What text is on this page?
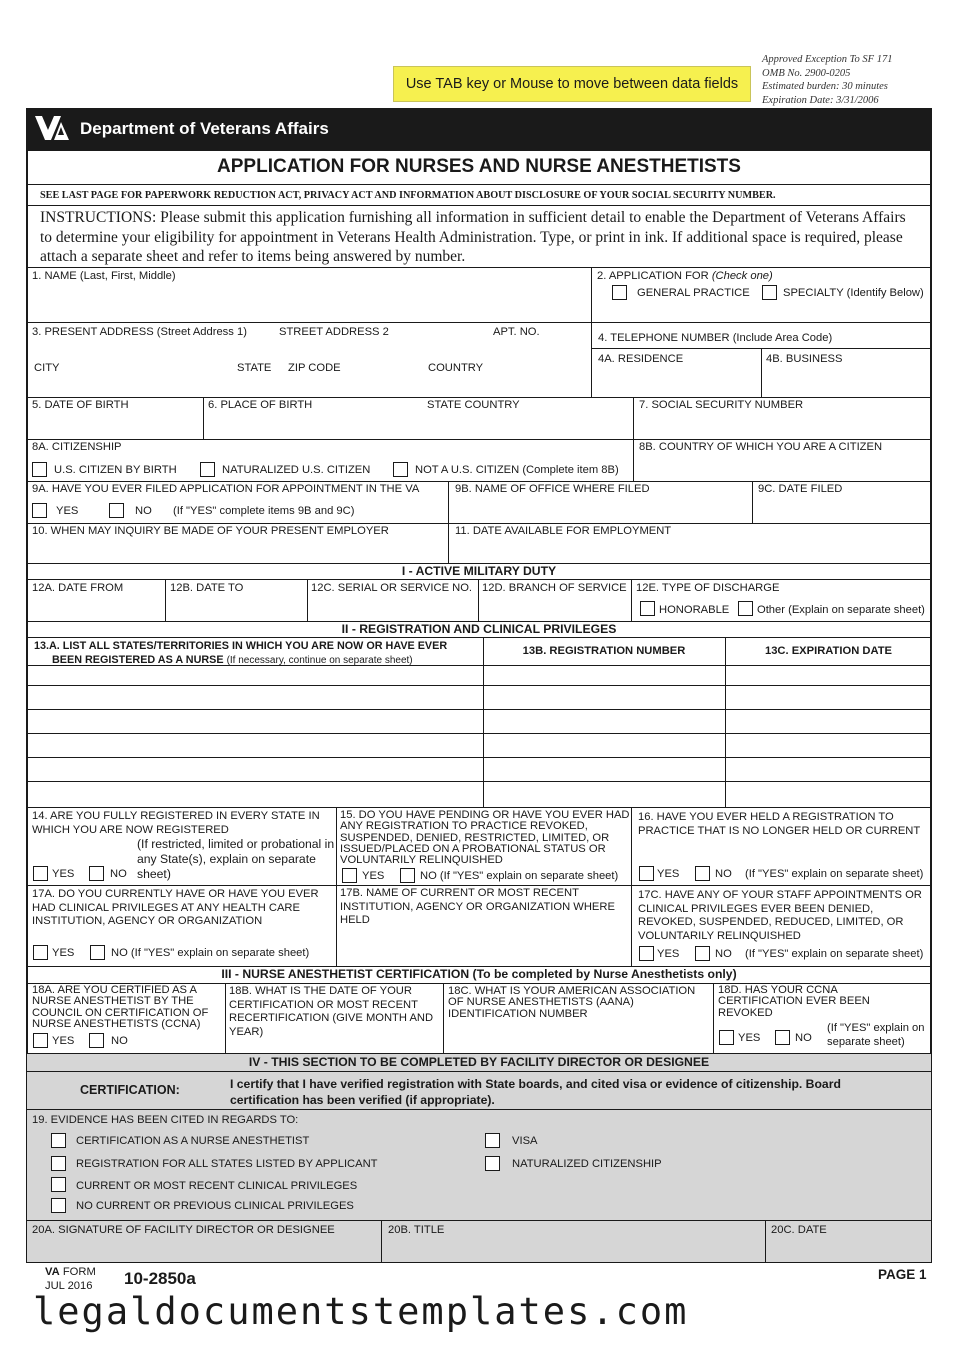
Use TAB key or Mouse to move between data fields
Approved Exception To SF 171
OMB No. 2900-0205
Estimated burden: 30 minutes
Expiration Date: 3/31/2006
Department of Veterans Affairs
APPLICATION FOR NURSES AND NURSE ANESTHETISTS
SEE LAST PAGE FOR PAPERWORK REDUCTION ACT, PRIVACY ACT AND INFORMATION ABOUT DISCLOSURE OF YOUR SOCIAL SECURITY NUMBER.
INSTRUCTIONS: Please submit this application furnishing all information in sufficient detail to enable the Department of Veterans Affairs to determine your eligibility for appointment in Veterans Health Administration. Type, or print in ink. If additional space is required, please attach a separate sheet and refer to items being answered by number.
1. NAME (Last, First, Middle)	2. APPLICATION FOR (Check one)
GENERAL PRACTICE	SPECIALTY (Identify Below)
3. PRESENT ADDRESS (Street Address 1)	STREET ADDRESS 2	APT. NO.
CITY	STATE ZIP CODE	COUNTRY
4. TELEPHONE NUMBER (Include Area Code)
4A. RESIDENCE	4B. BUSINESS
5. DATE OF BIRTH	6. PLACE OF BIRTH	STATE COUNTRY	7. SOCIAL SECURITY NUMBER
8A. CITIZENSHIP
U.S. CITIZEN BY BIRTH	NATURALIZED U.S. CITIZEN	NOT A U.S. CITIZEN (Complete item 8B)
8B. COUNTRY OF WHICH YOU ARE A CITIZEN
9A. HAVE YOU EVER FILED APPLICATION FOR APPOINTMENT IN THE VA
YES	NO (If "YES" complete items 9B and 9C)
9B. NAME OF OFFICE WHERE FILED	9C. DATE FILED
10. WHEN MAY INQUIRY BE MADE OF YOUR PRESENT EMPLOYER	11. DATE AVAILABLE FOR EMPLOYMENT
I - ACTIVE MILITARY DUTY
12A. DATE FROM	12B. DATE TO	12C. SERIAL OR SERVICE NO. 12D. BRANCH OF SERVICE 12E. TYPE OF DISCHARGE
HONORABLE Other (Explain on separate sheet)
II - REGISTRATION AND CLINICAL PRIVILEGES
13.A. LIST ALL STATES/TERRITORIES IN WHICH YOU ARE NOW OR HAVE EVER
BEEN REGISTERED AS A NURSE (If necessary, continue on separate sheet)
13B. REGISTRATION NUMBER	13C. EXPIRATION DATE
14. ARE YOU FULLY REGISTERED IN EVERY STATE IN WHICH YOU ARE NOW REGISTERED
(If restricted, limited or probational in any State(s), explain on separate sheet)
YES	NO
15. DO YOU HAVE PENDING OR HAVE YOU EVER HAD ANY REGISTRATION TO PRACTICE REVOKED, SUSPENDED, DENIED, RESTRICTED, LIMITED, OR ISSUED/PLACED ON A PROBATIONAL STATUS OR VOLUNTARILY RELINQUISHED
YES	NO (If "YES" explain on separate sheet)
16. HAVE YOU EVER HELD A REGISTRATION TO PRACTICE THAT IS NO LONGER HELD OR CURRENT
YES	NO (If "YES" explain on separate sheet)
17A. DO YOU CURRENTLY HAVE OR HAVE YOU EVER HAD CLINICAL PRIVILEGES AT ANY HEALTH CARE INSTITUTION, AGENCY OR ORGANIZATION
YES	NO (If "YES" explain on separate sheet)
17B. NAME OF CURRENT OR MOST RECENT INSTITUTION, AGENCY OR ORGANIZATION WHERE HELD
17C. HAVE ANY OF YOUR STAFF APPOINTMENTS OR CLINICAL PRIVILEGES EVER BEEN DENIED, REVOKED, SUSPENDED, REDUCED, LIMITED, OR VOLUNTARILY RELINQUISHED
YES	NO (If "YES" explain on separate sheet)
III - NURSE ANESTHETIST CERTIFICATION (To be completed by Nurse Anesthetists only)
18A. ARE YOU CERTIFIED AS A NURSE ANESTHETIST BY THE COUNCIL ON CERTIFICATION OF NURSE ANESTHETISTS (CCNA)
YES	NO
18B. WHAT IS THE DATE OF YOUR CERTIFICATION OR MOST RECENT RECERTIFICATION (GIVE MONTH AND YEAR)
18C. WHAT IS YOUR AMERICAN ASSOCIATION OF NURSE ANESTHETISTS (AANA) IDENTIFICATION NUMBER
18D. HAS YOUR CCNA CERTIFICATION EVER BEEN REVOKED
YES	NO
(If "YES" explain on separate sheet)
IV - THIS SECTION TO BE COMPLETED BY FACILITY DIRECTOR OR DESIGNEE
CERTIFICATION:	I certify that I have verified registration with State boards, and cited visa or evidence of citizenship. Board certification has been verified (if appropriate).
19. EVIDENCE HAS BEEN CITED IN REGARDS TO:
CERTIFICATION AS A NURSE ANESTHETIST
REGISTRATION FOR ALL STATES LISTED BY APPLICANT
CURRENT OR MOST RECENT CLINICAL PRIVILEGES
NO CURRENT OR PREVIOUS CLINICAL PRIVILEGES
VISA
NATURALIZED CITIZENSHIP
20A. SIGNATURE OF FACILITY DIRECTOR OR DESIGNEE	20B. TITLE	20C. DATE
VA FORM
JUL 2016 10-2850a	PAGE 1
legaldocumentstemplates.com
